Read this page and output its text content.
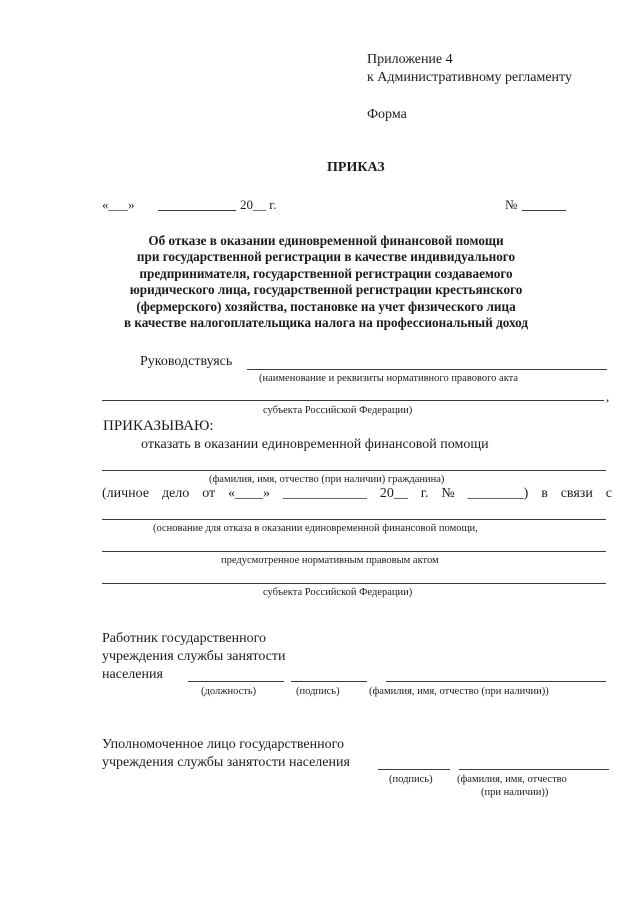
Приложение 4
к Административному регламенту
Форма
ПРИКАЗ
«___»	20__ г.	№
Об отказе в оказании единовременной финансовой помощи
при государственной регистрации в качестве индивидуального
предпринимателя, государственной регистрации создаваемого
юридического лица, государственной регистрации крестьянского
(фермерского) хозяйства, постановке на учет физического лица
в качестве налогоплательщика налога на профессиональный доход
Руководствуясь
(наименование и реквизиты нормативного правового акта
,
субъекта Российской Федерации)
ПРИКАЗЫВАЮ:
отказать в оказании единовременной финансовой помощи
(фамилия, имя, отчество (при наличии) гражданина)
(личное дело от «____» ____________ 20__ г. № ________) в связи с
(основание для отказа в оказании единовременной финансовой помощи,
предусмотренное нормативным правовым актом
субъекта Российской Федерации)
Работник государственного
учреждения службы занятости
населения
(должность)	(подпись)	(фамилия, имя, отчество (при наличии))
Уполномоченное лицо государственного
учреждения службы занятости населения
(подпись) (фамилия, имя, отчество
(при наличии))
